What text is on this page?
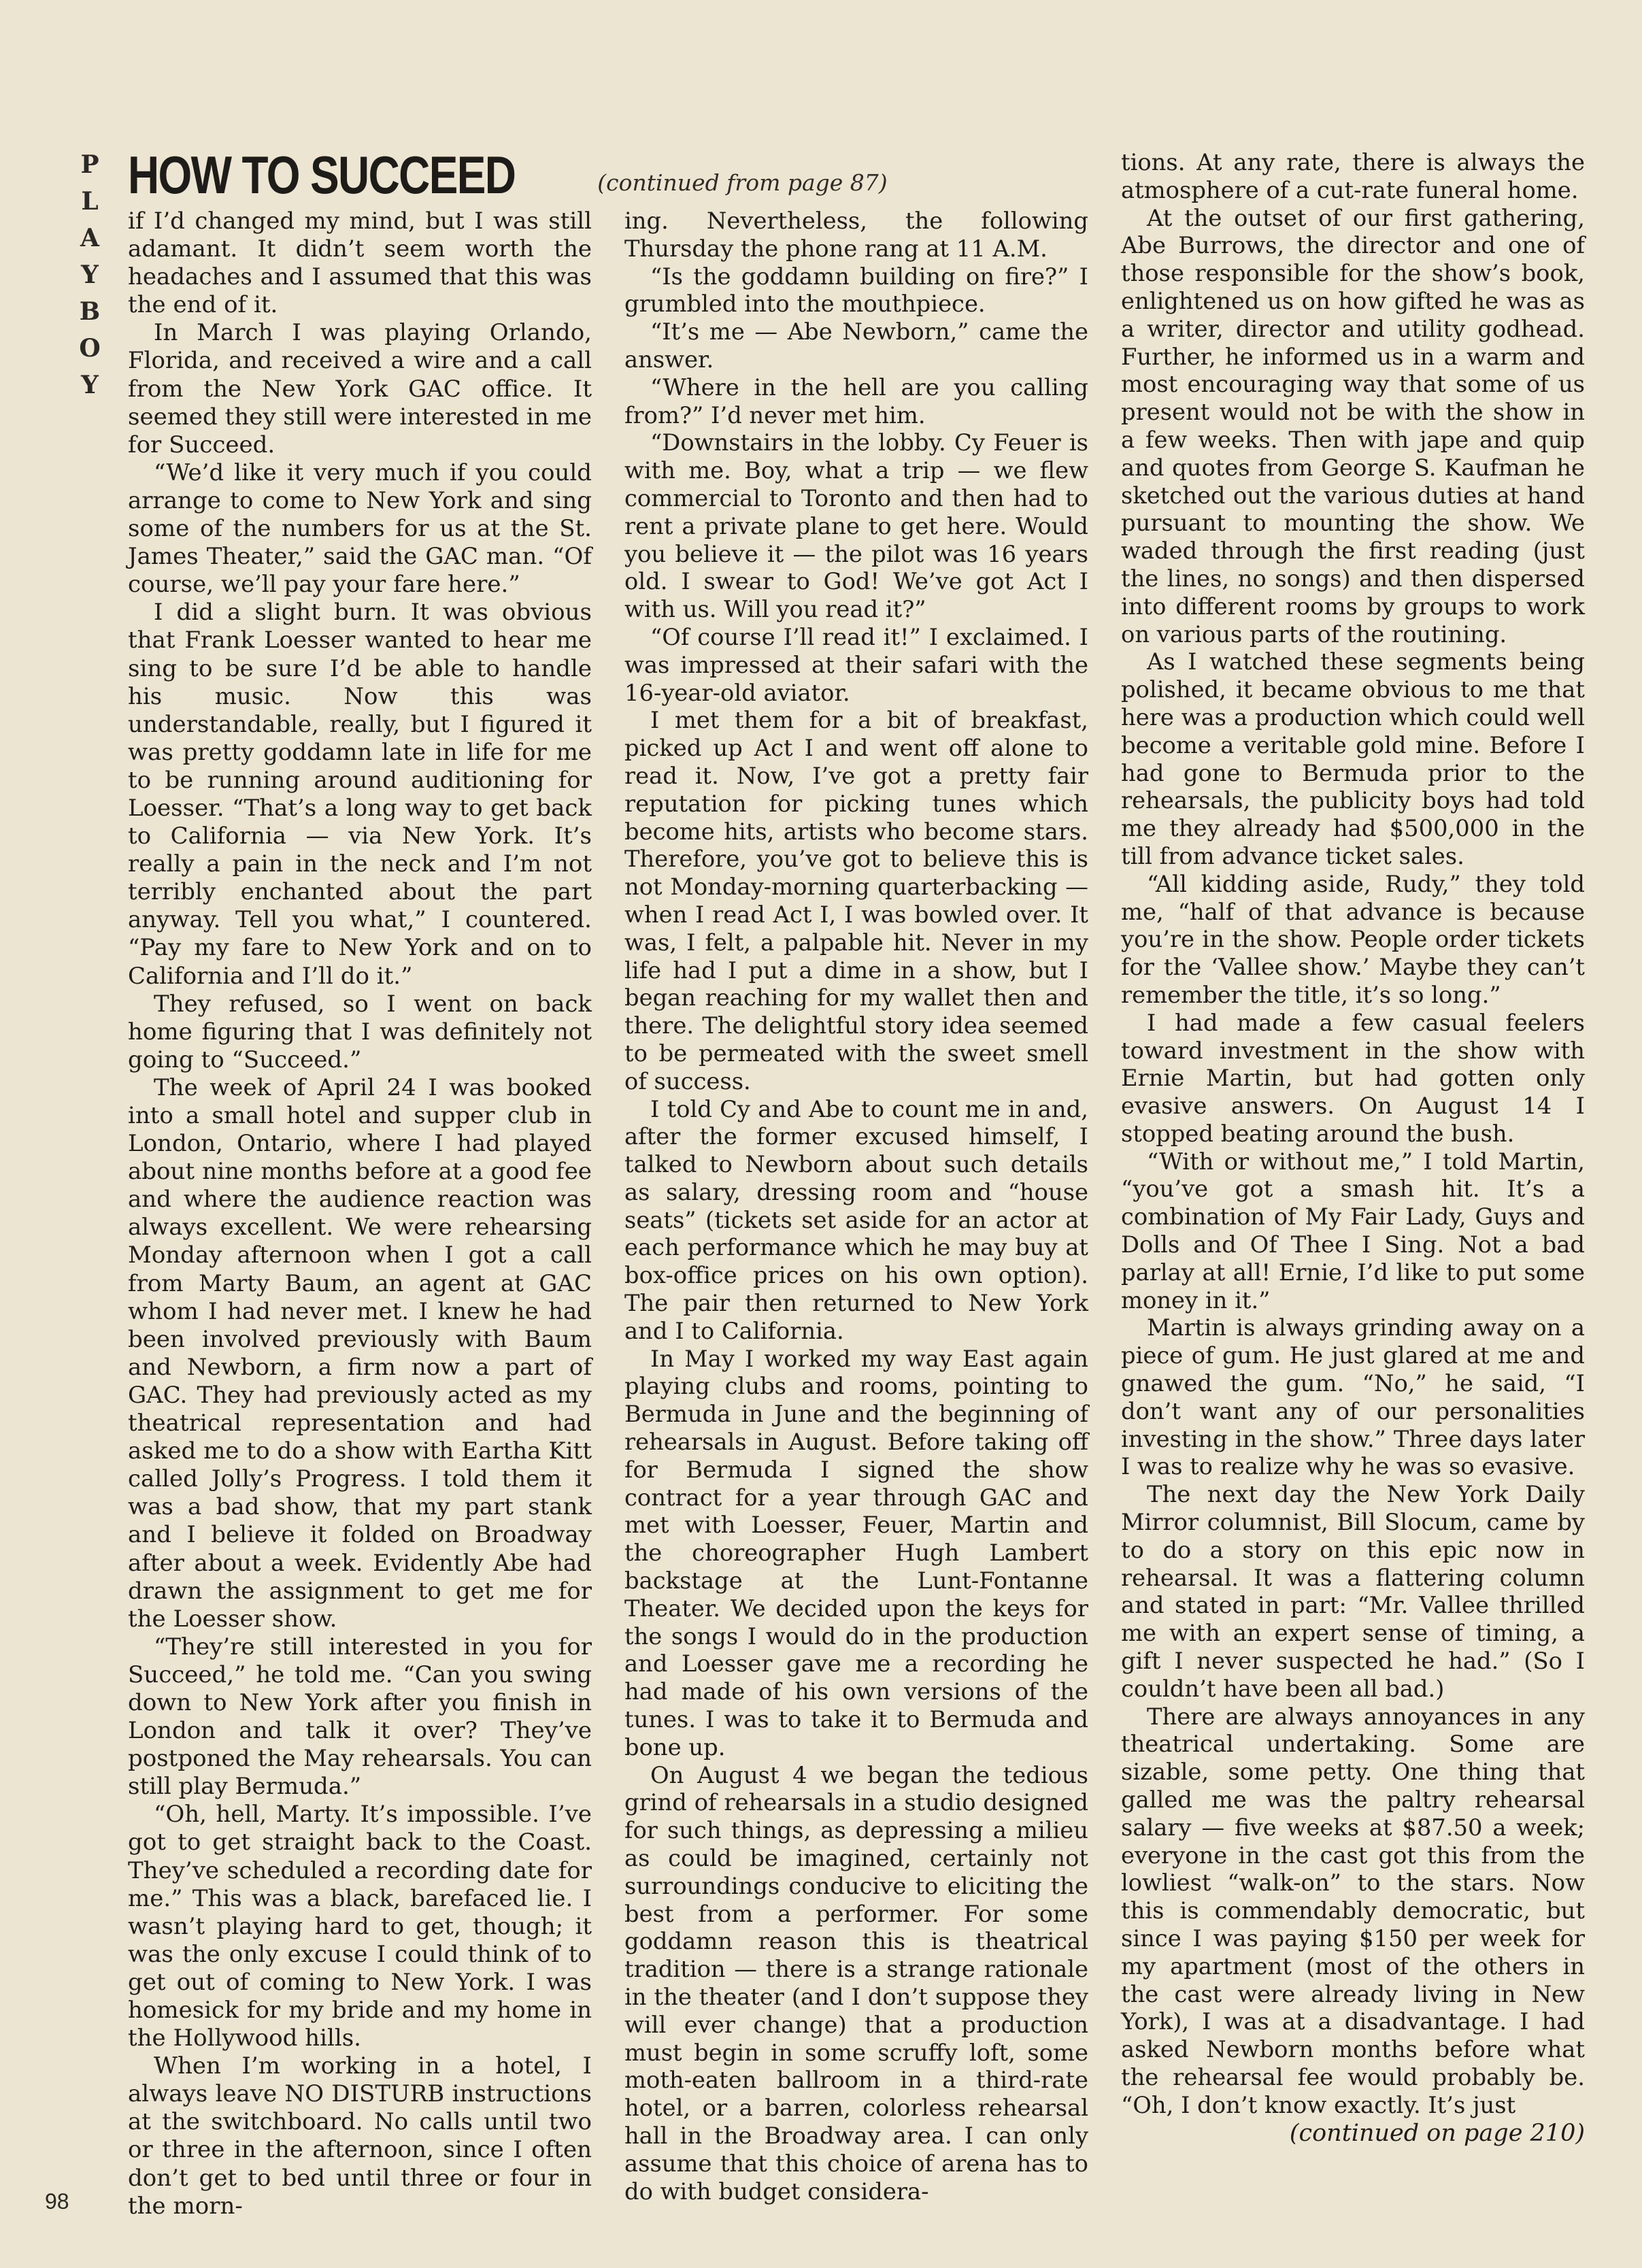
P
L
A
Y
B
O
Y
HOW TO SUCCEED	(continued from page 87)

if I’d changed my mind, but I was still adamant. It didn’t seem worth the headaches and I assumed that this was the end of it.

In March I was playing Orlando, Florida, and received a wire and a call from the New York GAC office. It seemed they still were interested in me for Succeed.

“We’d like it very much if you could arrange to come to New York and sing some of the numbers for us at the St. James Theater,” said the GAC man. “Of course, we’ll pay your fare here.”

I did a slight burn. It was obvious that Frank Loesser wanted to hear me sing to be sure I’d be able to handle his music. Now this was understandable, really, but I figured it was pretty goddamn late in life for me to be running around auditioning for Loesser. “That’s a long way to get back to California — via New York. It’s really a pain in the neck and I’m not terribly enchanted about the part anyway. Tell you what,” I countered. “Pay my fare to New York and on to California and I’ll do it.”

They refused, so I went on back home figuring that I was definitely not going to “Succeed.”

The week of April 24 I was booked into a small hotel and supper club in London, Ontario, where I had played about nine months before at a good fee and where the audience reaction was always excellent. We were rehearsing Monday afternoon when I got a call from Marty Baum, an agent at GAC whom I had never met. I knew he had been involved previously with Baum and Newborn, a firm now a part of GAC. They had previously acted as my theatrical representation and had asked me to do a show with Eartha Kitt called Jolly’s Progress. I told them it was a bad show, that my part stank and I believe it folded on Broadway after about a week. Evidently Abe had drawn the assignment to get me for the Loesser show.

“They’re still interested in you for Succeed,” he told me. “Can you swing down to New York after you finish in London and talk it over? They’ve postponed the May rehearsals. You can still play Bermuda.”

“Oh, hell, Marty. It’s impossible. I’ve got to get straight back to the Coast. They’ve scheduled a recording date for me.” This was a black, barefaced lie. I wasn’t playing hard to get, though; it was the only excuse I could think of to get out of coming to New York. I was homesick for my bride and my home in the Hollywood hills.

When I’m working in a hotel, I always leave NO DISTURB instructions at the switchboard. No calls until two or three in the afternoon, since I often don’t get to bed until three or four in the morn-

ing. Nevertheless, the following Thursday the phone rang at 11 A.M.

“Is the goddamn building on fire?” I grumbled into the mouthpiece.

“It’s me — Abe Newborn,” came the answer.

“Where in the hell are you calling from?” I’d never met him.

“Downstairs in the lobby. Cy Feuer is with me. Boy, what a trip — we flew commercial to Toronto and then had to rent a private plane to get here. Would you believe it — the pilot was 16 years old. I swear to God! We’ve got Act I with us. Will you read it?”

“Of course I’ll read it!” I exclaimed. I was impressed at their safari with the 16-year-old aviator.

I met them for a bit of breakfast, picked up Act I and went off alone to read it. Now, I’ve got a pretty fair reputation for picking tunes which become hits, artists who become stars. Therefore, you’ve got to believe this is not Monday-morning quarterbacking — when I read Act I, I was bowled over. It was, I felt, a palpable hit. Never in my life had I put a dime in a show, but I began reaching for my wallet then and there. The delightful story idea seemed to be permeated with the sweet smell of success.

I told Cy and Abe to count me in and, after the former excused himself, I talked to Newborn about such details as salary, dressing room and “house seats” (tickets set aside for an actor at each performance which he may buy at box-office prices on his own option). The pair then returned to New York and I to California.

In May I worked my way East again playing clubs and rooms, pointing to Bermuda in June and the beginning of rehearsals in August. Before taking off for Bermuda I signed the show contract for a year through GAC and met with Loesser, Feuer, Martin and the choreographer Hugh Lambert backstage at the Lunt-Fontanne Theater. We decided upon the keys for the songs I would do in the production and Loesser gave me a recording he had made of his own versions of the tunes. I was to take it to Bermuda and bone up.

On August 4 we began the tedious grind of rehearsals in a studio designed for such things, as depressing a milieu as could be imagined, certainly not surroundings conducive to eliciting the best from a performer. For some goddamn reason this is theatrical tradition — there is a strange rationale in the theater (and I don’t suppose they will ever change) that a production must begin in some scruffy loft, some moth-eaten ballroom in a third-rate hotel, or a barren, colorless rehearsal hall in the Broadway area. I can only assume that this choice of arena has to do with budget considera-

tions. At any rate, there is always the atmosphere of a cut-rate funeral home.

At the outset of our first gathering, Abe Burrows, the director and one of those responsible for the show’s book, enlightened us on how gifted he was as a writer, director and utility godhead. Further, he informed us in a warm and most encouraging way that some of us present would not be with the show in a few weeks. Then with jape and quip and quotes from George S. Kaufman he sketched out the various duties at hand pursuant to mounting the show. We waded through the first reading (just the lines, no songs) and then dispersed into different rooms by groups to work on various parts of the routining.

As I watched these segments being polished, it became obvious to me that here was a production which could well become a veritable gold mine. Before I had gone to Bermuda prior to the rehearsals, the publicity boys had told me they already had $500,000 in the till from advance ticket sales.

“All kidding aside, Rudy,” they told me, “half of that advance is because you’re in the show. People order tickets for the ‘Vallee show.’ Maybe they can’t remember the title, it’s so long.”

I had made a few casual feelers toward investment in the show with Ernie Martin, but had gotten only evasive answers. On August 14 I stopped beating around the bush.

“With or without me,” I told Martin, “you’ve got a smash hit. It’s a combination of My Fair Lady, Guys and Dolls and Of Thee I Sing. Not a bad parlay at all! Ernie, I’d like to put some money in it.”

Martin is always grinding away on a piece of gum. He just glared at me and gnawed the gum. “No,” he said, “I don’t want any of our personalities investing in the show.” Three days later I was to realize why he was so evasive.

The next day the New York Daily Mirror columnist, Bill Slocum, came by to do a story on this epic now in rehearsal. It was a flattering column and stated in part: “Mr. Vallee thrilled me with an expert sense of timing, a gift I never suspected he had.” (So I couldn’t have been all bad.)

There are always annoyances in any theatrical undertaking. Some are sizable, some petty. One thing that galled me was the paltry rehearsal salary — five weeks at $87.50 a week; everyone in the cast got this from the lowliest “walk-on” to the stars. Now this is commendably democratic, but since I was paying $150 per week for my apartment (most of the others in the cast were already living in New York), I was at a disadvantage. I had asked Newborn months before what the rehearsal fee would probably be. “Oh, I don’t know exactly. It’s just

(continued on page 210)

98
